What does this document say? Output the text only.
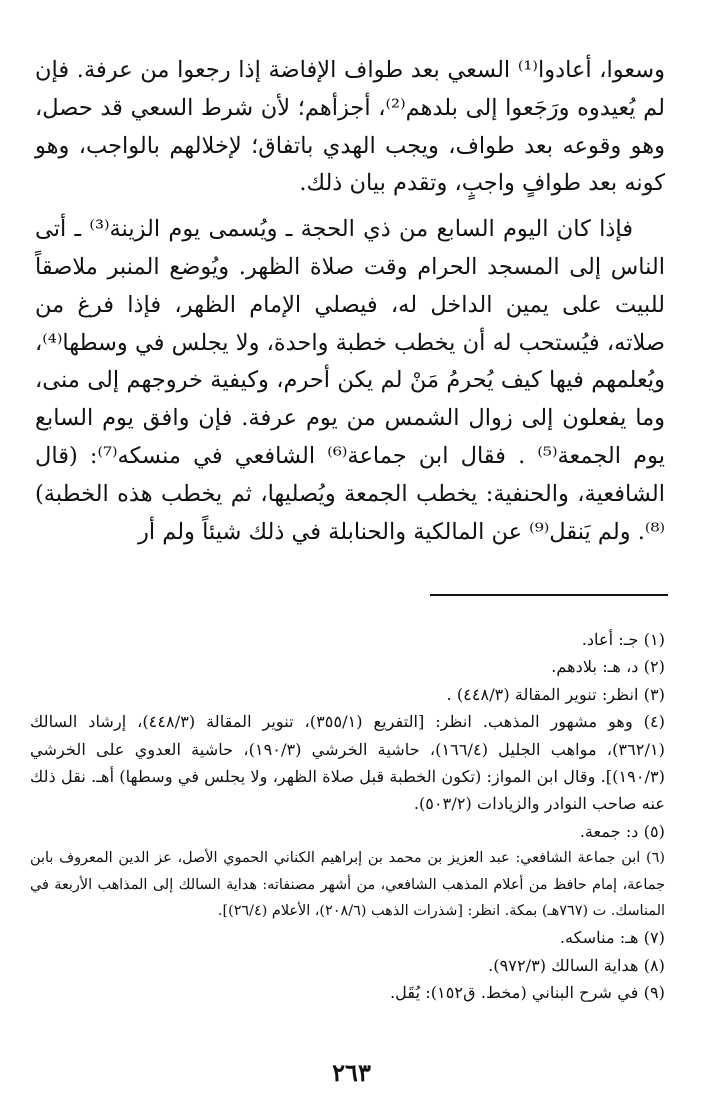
وسعوا، أعادوا⁽¹⁾ السعي بعد طواف الإفاضة إذا رجعوا من عرفة. فإن لم يُعيدوه ورَجَعوا إلى بلدهم⁽²⁾، أجزأهم؛ لأن شرط السعي قد حصل، وهو وقوعه بعد طواف، ويجب الهدي باتفاق؛ لإخلالهم بالواجب، وهو كونه بعد طوافٍ واجبٍ، وتقدم بيان ذلك.

فإذا كان اليوم السابع من ذي الحجة ـ ويُسمى يوم الزينة⁽³⁾ ـ أتى الناس إلى المسجد الحرام وقت صلاة الظهر. ويُوضع المنبر ملاصقاً للبيت على يمين الداخل له، فيصلي الإمام الظهر، فإذا فرغ من صلاته، فيُستحب له أن يخطب خطبة واحدة، ولا يجلس في وسطها⁽⁴⁾، ويُعلمهم فيها كيف يُحرمُ مَنْ لم يكن أحرم، وكيفية خروجهم إلى منى، وما يفعلون إلى زوال الشمس من يوم عرفة. فإن وافق يوم السابع يوم الجمعة⁽⁵⁾ . فقال ابن جماعة⁽⁶⁾ الشافعي في منسكه⁽⁷⁾: (قال الشافعية، والحنفية: يخطب الجمعة ويُصليها، ثم يخطب هذه الخطبة)⁽⁸⁾. ولم يَنقل⁽⁹⁾ عن المالكية والحنابلة في ذلك شيئاً ولم أر

(١) جـ: أعاد.

(٢) د، هـ: بلادهم.

(٣) انظر: تنوير المقالة (٤٤٨/٣) .

(٤) وهو مشهور المذهب. انظر: [التفريع (٣٥٥/١)، تنوير المقالة (٤٤٨/٣)، إرشاد السالك (٣٦٢/١)، مواهب الجليل (١٦٦/٤)، حاشية الخرشي (١٩٠/٣)، حاشية العدوي على الخرشي (١٩٠/٣)]. وقال ابن المواز: (تكون الخطبة قبل صلاة الظهر، ولا يجلس في وسطها) أهـ. نقل ذلك عنه صاحب النوادر والزيادات (٥٠٣/٢).

(٥) د: جمعة.

(٦) ابن جماعة الشافعي: عبد العزيز بن محمد بن إبراهيم الكناني الحموي الأصل، عز الدين المعروف بابن جماعة، إمام حافظ من أعلام المذهب الشافعي، من أشهر مصنفاته: هداية السالك إلى المذاهب الأربعة في المناسك. ت (٧٦٧هـ) بمكة. انظر: [شذرات الذهب (٢٠٨/٦)، الأعلام (٢٦/٤)].

(٧) هـ: مناسكه.

(٨) هداية السالك (٩٧٢/٣).

(٩) في شرح البناني (مخط. ق١٥٢): يُقَل.

٢٦٣
